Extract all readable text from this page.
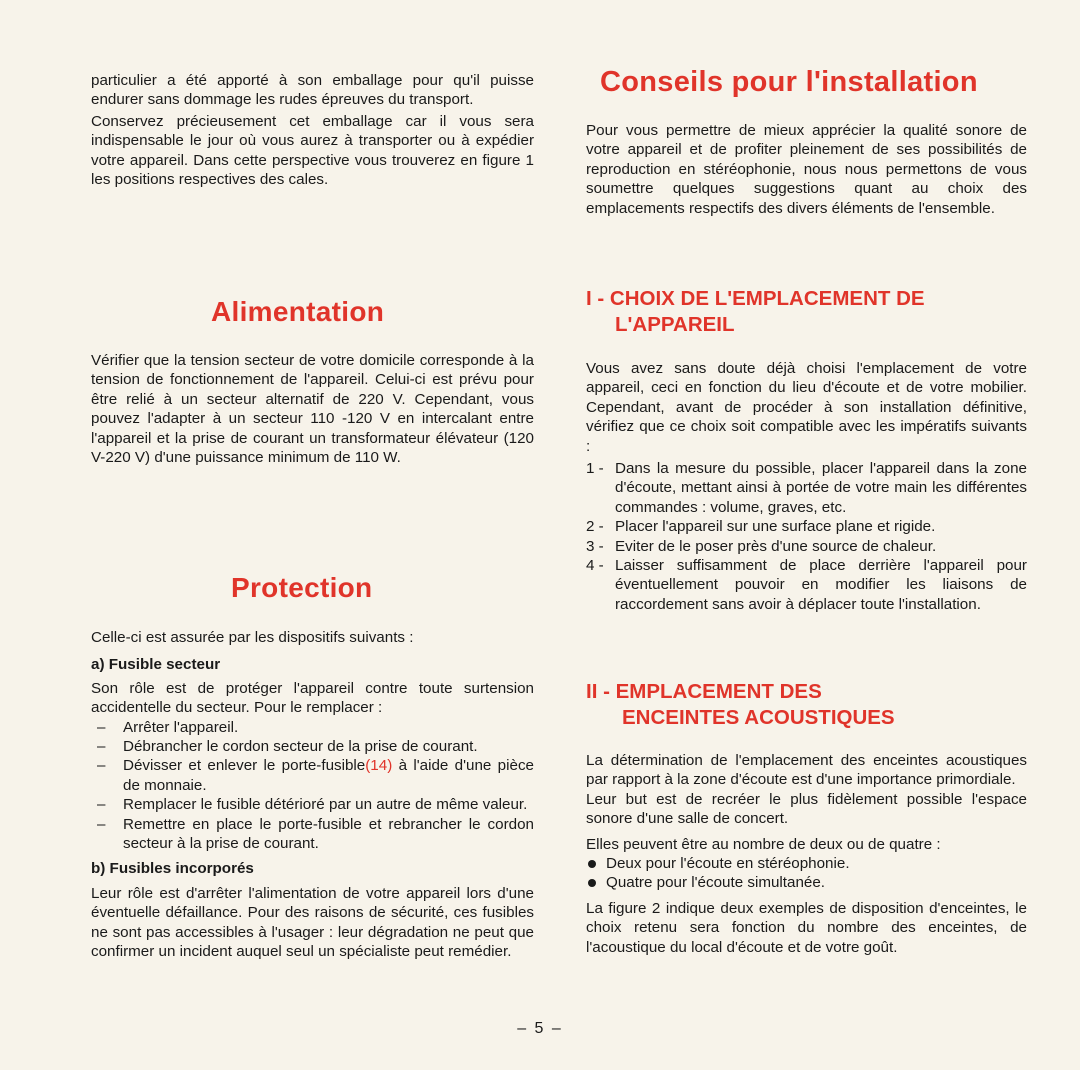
particulier a été apporté à son emballage pour qu'il puisse endurer sans dommage les rudes épreuves du transport.

Conservez précieusement cet emballage car il vous sera indispensable le jour où vous aurez à transporter ou à expédier votre appareil. Dans cette perspective vous trouverez en figure 1 les positions respectives des cales.

Alimentation

Vérifier que la tension secteur de votre domicile corresponde à la tension de fonctionnement de l'appareil. Celui-ci est prévu pour être relié à un secteur alternatif de 220 V. Cependant, vous pouvez l'adapter à un secteur 110 -120 V en intercalant entre l'appareil et la prise de courant un transformateur élévateur (120 V-220 V) d'une puissance minimum de 110 W.

Protection

Celle-ci est assurée par les dispositifs suivants :

a) Fusible secteur

Son rôle est de protéger l'appareil contre toute surtension accidentelle du secteur. Pour le remplacer :

– Arrêter l'appareil.
– Débrancher le cordon secteur de la prise de courant.
– Dévisser et enlever le porte-fusible(14) à l'aide d'une pièce de monnaie.
– Remplacer le fusible détérioré par un autre de même valeur.
– Remettre en place le porte-fusible et rebrancher le cordon secteur à la prise de courant.

b) Fusibles incorporés

Leur rôle est d'arrêter l'alimentation de votre appareil lors d'une éventuelle défaillance. Pour des raisons de sécurité, ces fusibles ne sont pas accessibles à l'usager : leur dégradation ne peut que confirmer un incident auquel seul un spécialiste peut remédier.

Conseils pour l'installation

Pour vous permettre de mieux apprécier la qualité sonore de votre appareil et de profiter pleinement de ses possibilités de reproduction en stéréophonie, nous nous permettons de vous soumettre quelques suggestions quant au choix des emplacements respectifs des divers éléments de l'ensemble.

I - CHOIX DE L'EMPLACEMENT DE
L'APPAREIL

Vous avez sans doute déjà choisi l'emplacement de votre appareil, ceci en fonction du lieu d'écoute et de votre mobilier. Cependant, avant de procéder à son installation définitive, vérifiez que ce choix soit compatible avec les impératifs suivants :

1 - Dans la mesure du possible, placer l'appareil dans la zone d'écoute, mettant ainsi à portée de votre main les différentes commandes : volume, graves, etc.
2 - Placer l'appareil sur une surface plane et rigide.
3 - Eviter de le poser près d'une source de chaleur.
4 - Laisser suffisamment de place derrière l'appareil pour éventuellement pouvoir en modifier les liaisons de raccordement sans avoir à déplacer toute l'installation.
II - EMPLACEMENT DES
ENCEINTES ACOUSTIQUES

La détermination de l'emplacement des enceintes acoustiques par rapport à la zone d'écoute est d'une importance primordiale.

Leur but est de recréer le plus fidèlement possible l'espace sonore d'une salle de concert.

Elles peuvent être au nombre de deux ou de quatre :

Deux pour l'écoute en stéréophonie.
Quatre pour l'écoute simultanée.

La figure 2 indique deux exemples de disposition d'enceintes, le choix retenu sera fonction du nombre des enceintes, de l'acoustique du local d'écoute et de votre goût.

– 5 –
